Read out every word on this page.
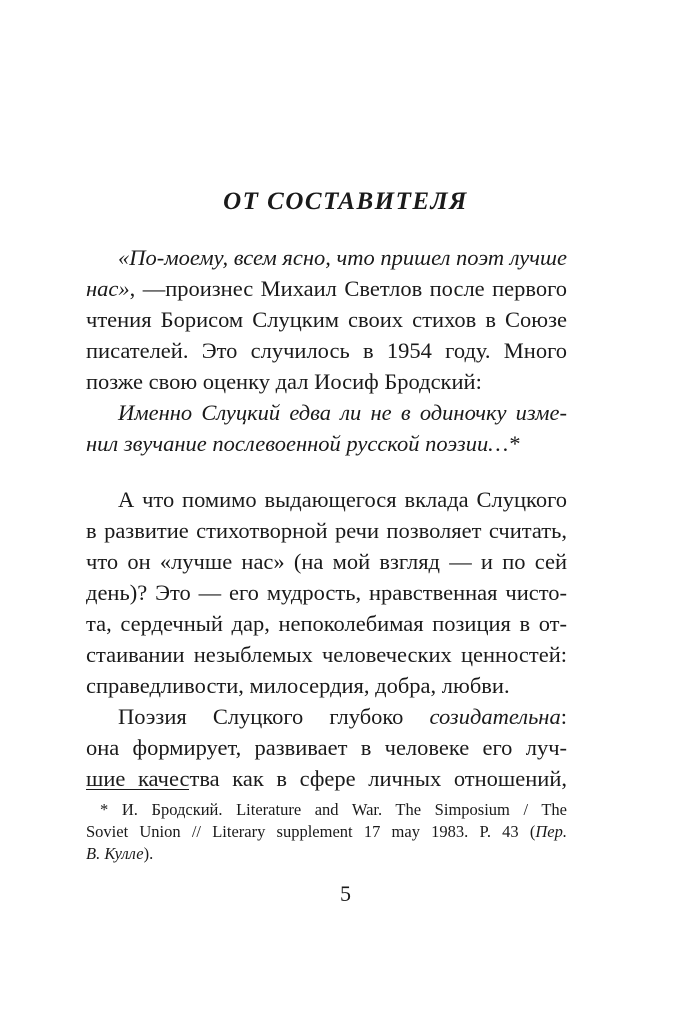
ОТ СОСТАВИТЕЛЯ
«По-моему, всем ясно, что пришел поэт лучше
нас», —произнес Михаил Светлов после первого
чтения Борисом Слуцким своих стихов в Союзе
писателей. Это случилось в 1954 году. Много
позже свою оценку дал Иосиф Бродский:
Именно Слуцкий едва ли не в одиночку изме-
нил звучание послевоенной русской поэзии…*
А что помимо выдающегося вклада Слуцкого
в развитие стихотворной речи позволяет считать,
что он «лучше нас» (на мой взгляд — и по сей
день)? Это — его мудрость, нравственная чисто-
та, сердечный дар, непоколебимая позиция в от-
стаивании незыблемых человеческих ценностей:
справедливости, милосердия, добра, любви.
Поэзия Слуцкого глубоко созидательна:
она формирует, развивает в человеке его луч-
шие качества как в сфере личных отношений,
* И. Бродский. Literature and War. The Simposium / The
Soviet Union // Literary supplement 17 may 1983. P. 43 (Пер.
В. Кулле).
5
